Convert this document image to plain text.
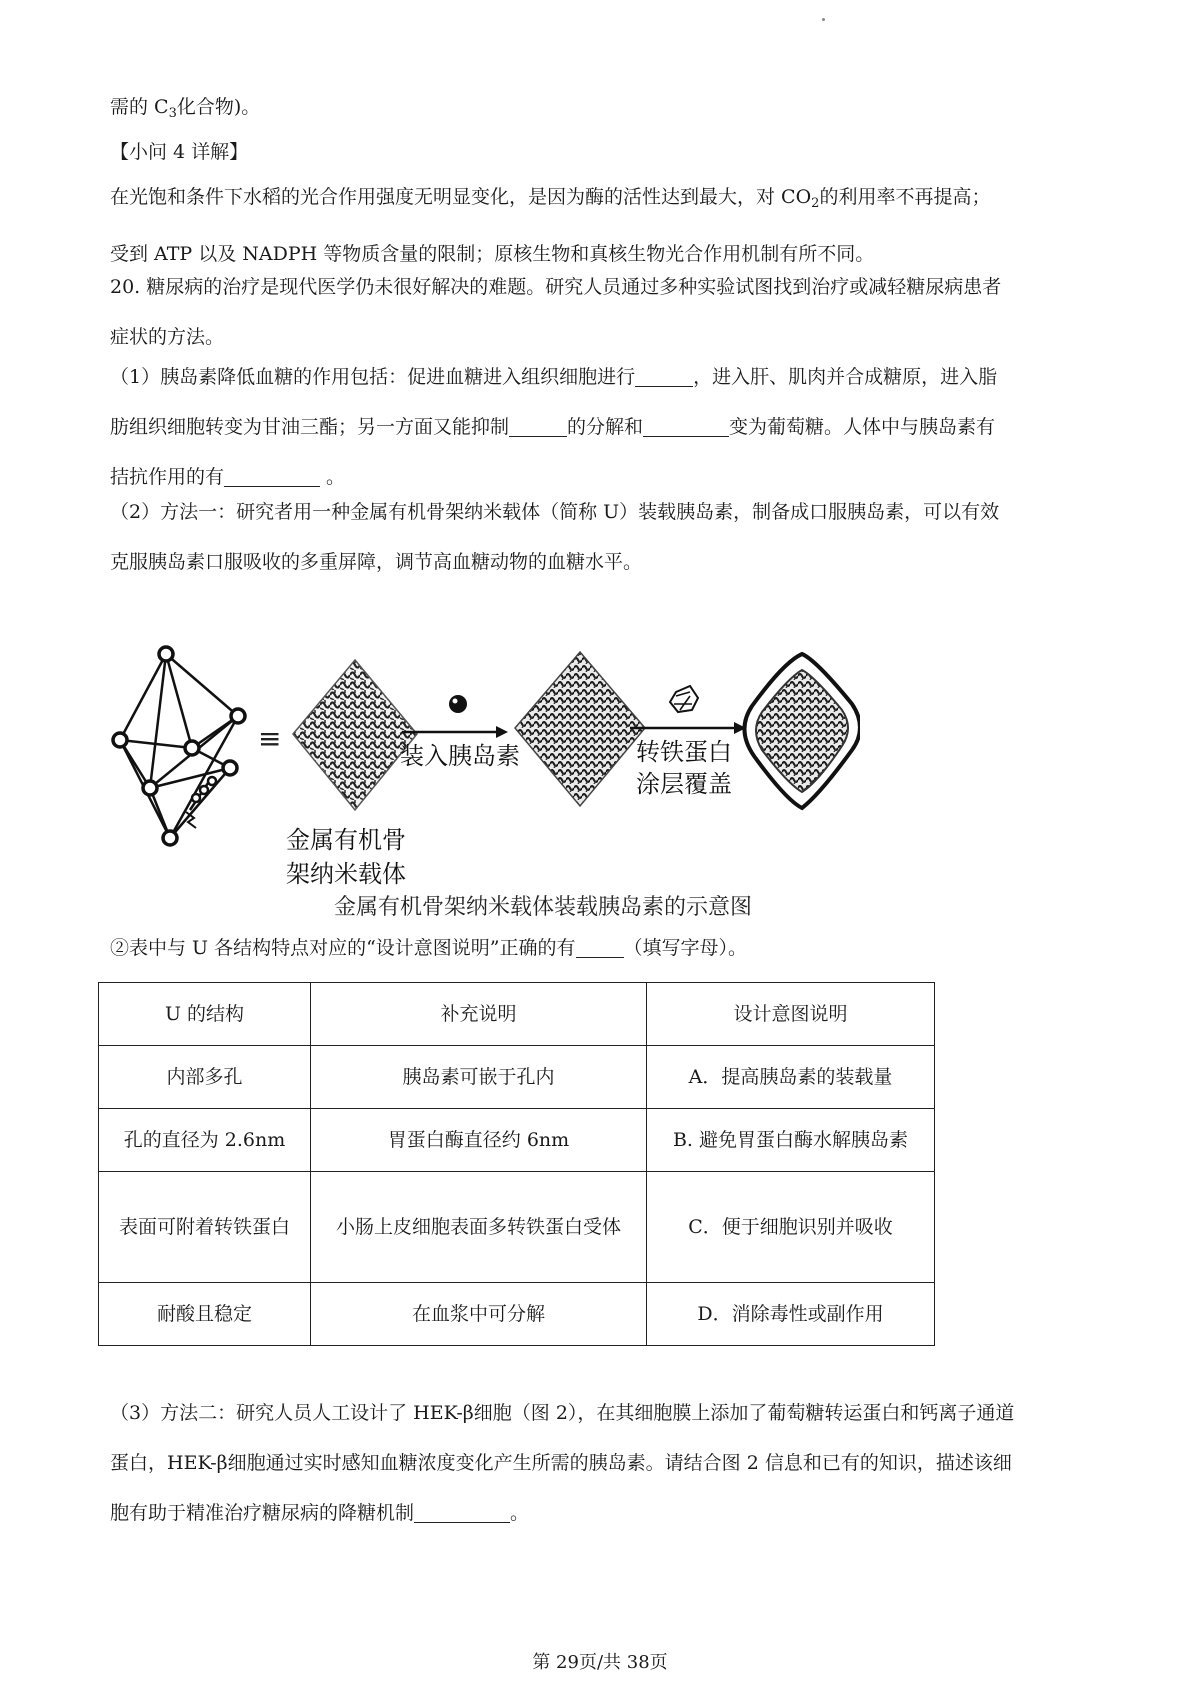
需的 $C_3$化合物)。

【小问 4 详解】

在光饱和条件下水稻的光合作用强度无明显变化，是因为酶的活性达到最大，对 $CO_2$的利用率不再提高；
受到 ATP 以及 NADPH 等物质含量的限制；原核生物和真核生物光合作用机制有所不同。

20. 糖尿病的治疗是现代医学仍未很好解决的难题。研究人员通过多种实验试图找到治疗或减轻糖尿病患者
症状的方法。

（1）胰岛素降低血糖的作用包括：促进血糖进入组织细胞进行	，进入肝、肌肉并合成糖原，进入脂
肪组织细胞转变为甘油三酯；另一方面又能抑制	的分解和	变为葡萄糖。人体中与胰岛素有
拮抗作用的有	。

（2）方法一：研究者用一种金属有机骨架纳米载体（简称 U）装载胰岛素，制备成口服胰岛素，可以有效
克服胰岛素口服吸收的多重屏障，调节高血糖动物的血糖水平。

≡
金属有机骨 架纳米载体
装入胰岛素	转铁蛋白 涂层覆盖
金属有机骨架纳米载体装载胰岛素的示意图

②表中与 U 各结构特点对应的“设计意图说明”正确的有	（填写字母）。

U 的结构	补充说明	设计意图说明
内部多孔	胰岛素可嵌于孔内	A．提高胰岛素的装载量
孔的直径为 2.6nm	胃蛋白酶直径约 6nm	B. 避免胃蛋白酶水解胰岛素
表面可附着转铁蛋白	小肠上皮细胞表面多转铁蛋白受体	C．便于细胞识别并吸收
耐酸且稳定	在血浆中可分解	D．消除毒性或副作用

（3）方法二：研究人员人工设计了 HEK-β细胞（图 2），在其细胞膜上添加了葡萄糖转运蛋白和钙离子通道
蛋白，HEK-β细胞通过实时感知血糖浓度变化产生所需的胰岛素。请结合图 2 信息和已有的知识，描述该细
胞有助于精准治疗糖尿病的降糖机制	。

第 29页/共 38页
